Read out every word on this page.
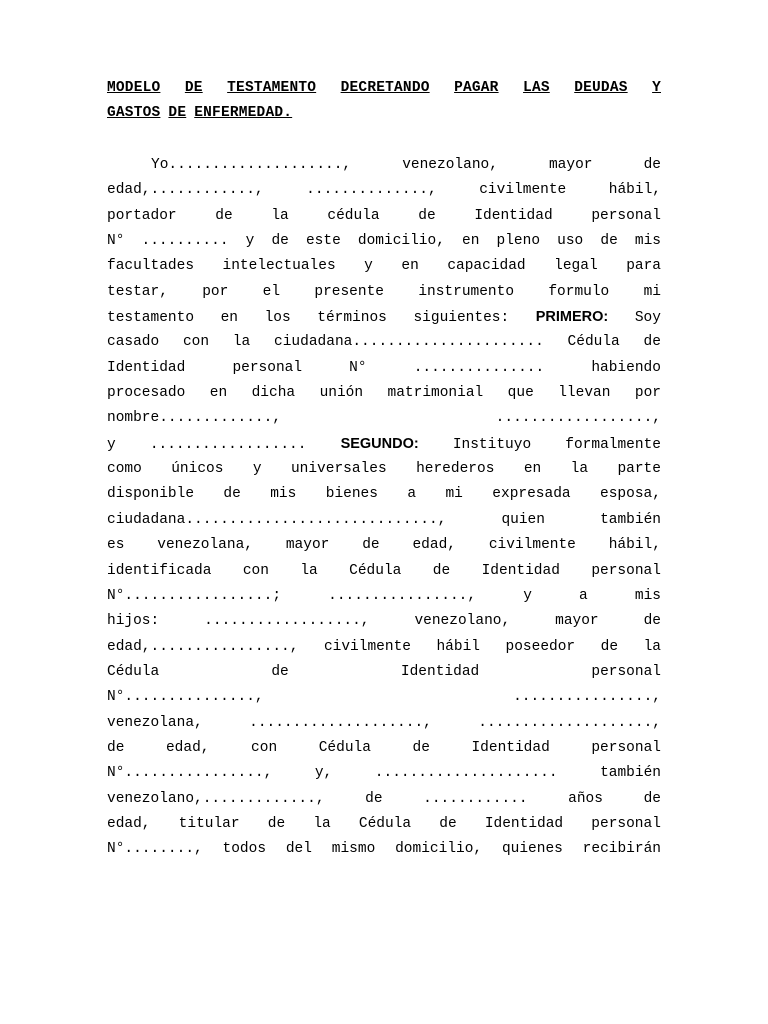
MODELO DE TESTAMENTO DECRETANDO PAGAR LAS DEUDAS Y
GASTOS DE ENFERMEDAD.
Yo....................,	venezolano,	mayor	de
edad,............,	..............,	civilmente	hábil,
portador	de	la	cédula	de	Identidad	personal
N° .......... y de este domicilio, en pleno uso de mis
facultades intelectuales y en capacidad legal para
testar, por el presente instrumento formulo mi
testamento en los términos siguientes: PRIMERO: Soy
casado con la ciudadana...................... Cédula de
Identidad	personal	N°	...............	habiendo
procesado en dicha unión matrimonial que llevan por
nombre.............,	..................,
y .................. SEGUNDO: Instituyo formalmente
como únicos y universales herederos en la parte
disponible de mis bienes a mi expresada esposa,
ciudadana.............................,	quien	también
es venezolana, mayor de edad, civilmente hábil,
identificada con la Cédula de Identidad personal
N°.................;	................,	y	a	mis
hijos:	..................,	venezolano,	mayor	de
edad,................, civilmente hábil poseedor de la
Cédula	de	Identidad	personal
N°...............,	................,
venezolana,	....................,	....................,
de	edad,	con	Cédula	de	Identidad	personal
N°................,	y,	.....................	también
venezolano,.............,	de	............	años	de
edad, titular de la Cédula de Identidad personal
N°........, todos del mismo domicilio, quienes recibirán
